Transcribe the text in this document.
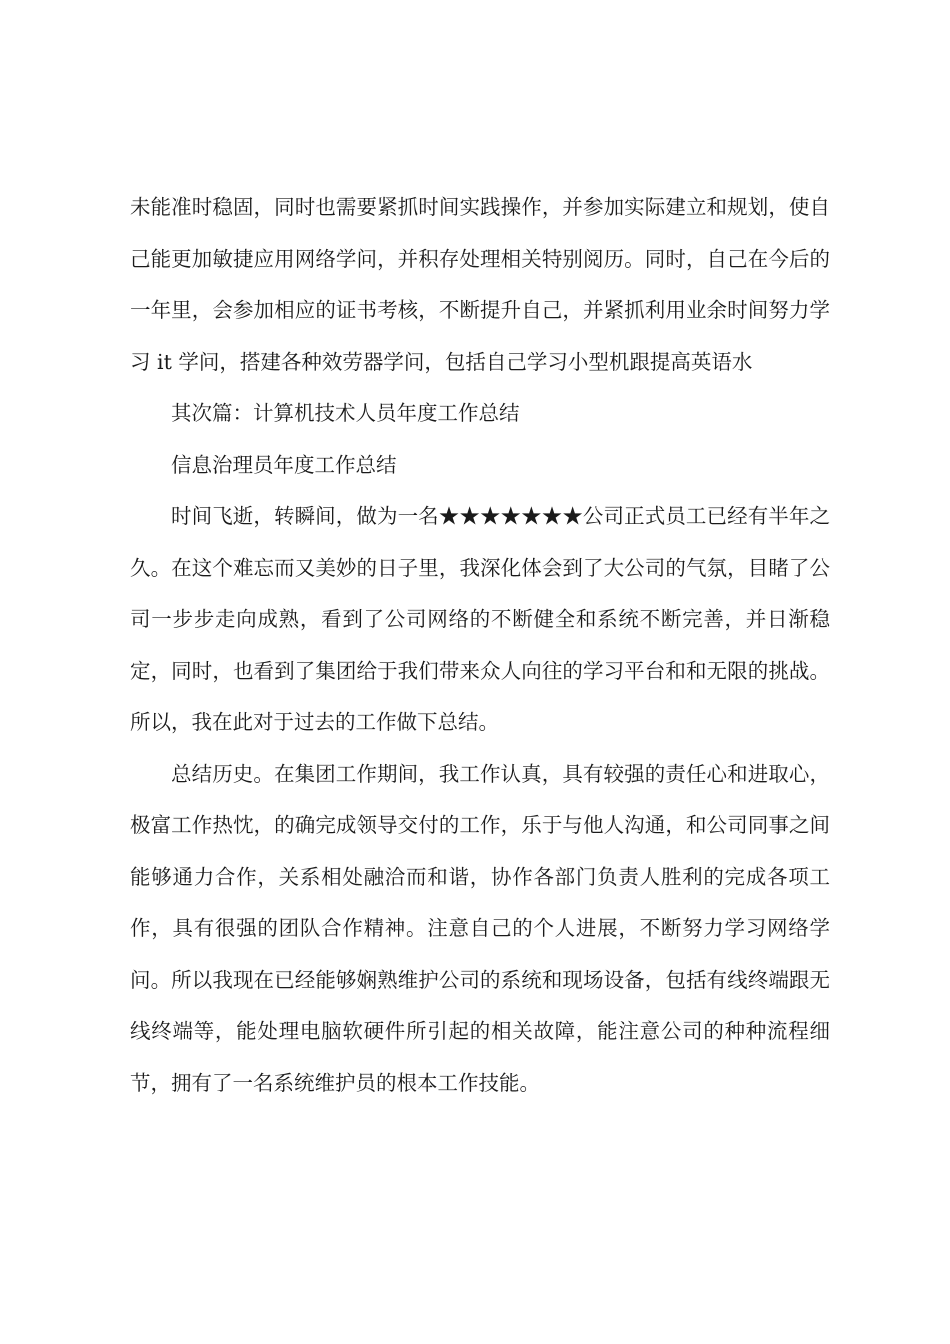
未能准时稳固，同时也需要紧抓时间实践操作，并参加实际建立和规划，使自己能更加敏捷应用网络学问，并积存处理相关特别阅历。同时，自己在今后的一年里，会参加相应的证书考核，不断提升自己，并紧抓利用业余时间努力学习 it 学问，搭建各种效劳器学问，包括自己学习小型机跟提高英语水

其次篇：计算机技术人员年度工作总结

信息治理员年度工作总结

时间飞逝，转瞬间，做为一名★★★★★★★公司正式员工已经有半年之久。在这个难忘而又美妙的日子里，我深化体会到了大公司的气氛，目睹了公司一步步走向成熟，看到了公司网络的不断健全和系统不断完善，并日渐稳定，同时，也看到了集团给于我们带来众人向往的学习平台和和无限的挑战。所以，我在此对于过去的工作做下总结。

总结历史。在集团工作期间，我工作认真，具有较强的责任心和进取心，极富工作热忱，的确完成领导交付的工作，乐于与他人沟通，和公司同事之间能够通力合作，关系相处融洽而和谐，协作各部门负责人胜利的完成各项工作，具有很强的团队合作精神。注意自己的个人进展，不断努力学习网络学问。所以我现在已经能够娴熟维护公司的系统和现场设备，包括有线终端跟无线终端等，能处理电脑软硬件所引起的相关故障，能注意公司的种种流程细节，拥有了一名系统维护员的根本工作技能。
